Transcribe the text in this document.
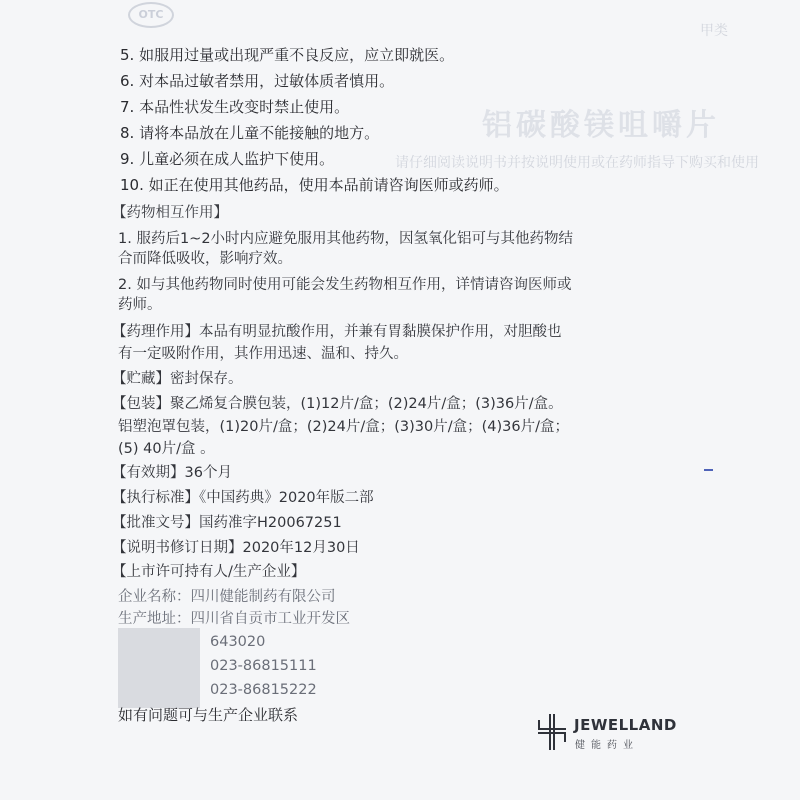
OTC
甲类
铝碳酸镁咀嚼片
请仔细阅读说明书并按说明使用或在药师指导下购买和使用
5. 如服用过量或出现严重不良反应，应立即就医。
6. 对本品过敏者禁用，过敏体质者慎用。
7. 本品性状发生改变时禁止使用。
8. 请将本品放在儿童不能接触的地方。
9. 儿童必须在成人监护下使用。
10. 如正在使用其他药品，使用本品前请咨询医师或药师。
【药物相互作用】
1. 服药后1~2小时内应避免服用其他药物，因氢氧化铝可与其他药物结
合而降低吸收，影响疗效。
2. 如与其他药物同时使用可能会发生药物相互作用，详情请咨询医师或
药师。
【药理作用】本品有明显抗酸作用，并兼有胃黏膜保护作用，对胆酸也
有一定吸附作用，其作用迅速、温和、持久。
【贮藏】密封保存。
【包装】聚乙烯复合膜包装，(1)12片/盒；(2)24片/盒；(3)36片/盒。
铝塑泡罩包装，(1)20片/盒；(2)24片/盒；(3)30片/盒；(4)36片/盒；
(5) 40片/盒 。
【有效期】36个月
【执行标准】《中国药典》2020年版二部
【批准文号】国药准字H20067251
【说明书修订日期】2020年12月30日
【上市许可持有人/生产企业】
企业名称：四川健能制药有限公司
生产地址：四川省自贡市工业开发区
643020
023-86815111
023-86815222
如有问题可与生产企业联系
JEWELLAND
健能药业
